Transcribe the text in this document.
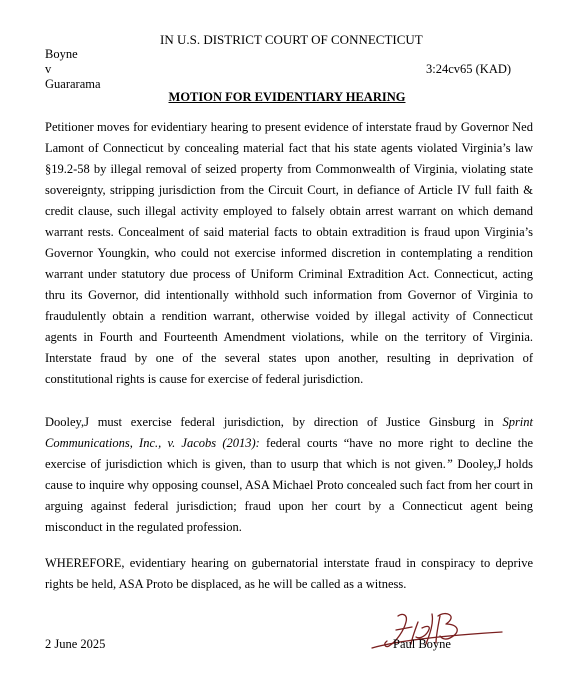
IN U.S. DISTRICT COURT OF CONNECTICUT
Boyne
v
Guararama
3:24cv65 (KAD)
MOTION FOR EVIDENTIARY HEARING

Petitioner moves for evidentiary hearing to present evidence of interstate fraud by Governor Ned Lamont of Connecticut by concealing material fact that his state agents violated Virginia’s law §19.2-58 by illegal removal of seized property from Commonwealth of Virginia, violating state sovereignty, stripping jurisdiction from the Circuit Court, in defiance of Article IV full faith & credit clause, such illegal activity employed to falsely obtain arrest warrant on which demand warrant rests. Concealment of said material facts to obtain extradition is fraud upon Virginia’s Governor Youngkin, who could not exercise informed discretion in contemplating a rendition warrant under statutory due process of Uniform Criminal Extradition Act. Connecticut, acting thru its Governor, did intentionally withhold such information from Governor of Virginia to fraudulently obtain a rendition warrant, otherwise voided by illegal activity of Connecticut agents in Fourth and Fourteenth Amendment violations, while on the territory of Virginia. Interstate fraud by one of the several states upon another, resulting in deprivation of constitutional rights is cause for exercise of federal jurisdiction.

Dooley,J must exercise federal jurisdiction, by direction of Justice Ginsburg in Sprint Communications, Inc., v. Jacobs (2013): federal courts “have no more right to decline the exercise of jurisdiction which is given, than to usurp that which is not given.” Dooley,J holds cause to inquire why opposing counsel, ASA Michael Proto concealed such fact from her court in arguing against federal jurisdiction; fraud upon her court by a Connecticut agent being misconduct in the regulated profession.

WHEREFORE, evidentiary hearing on gubernatorial interstate fraud in conspiracy to deprive rights be held, ASA Proto be displaced, as he will be called as a witness.

2 June 2025	Paul Boyne
